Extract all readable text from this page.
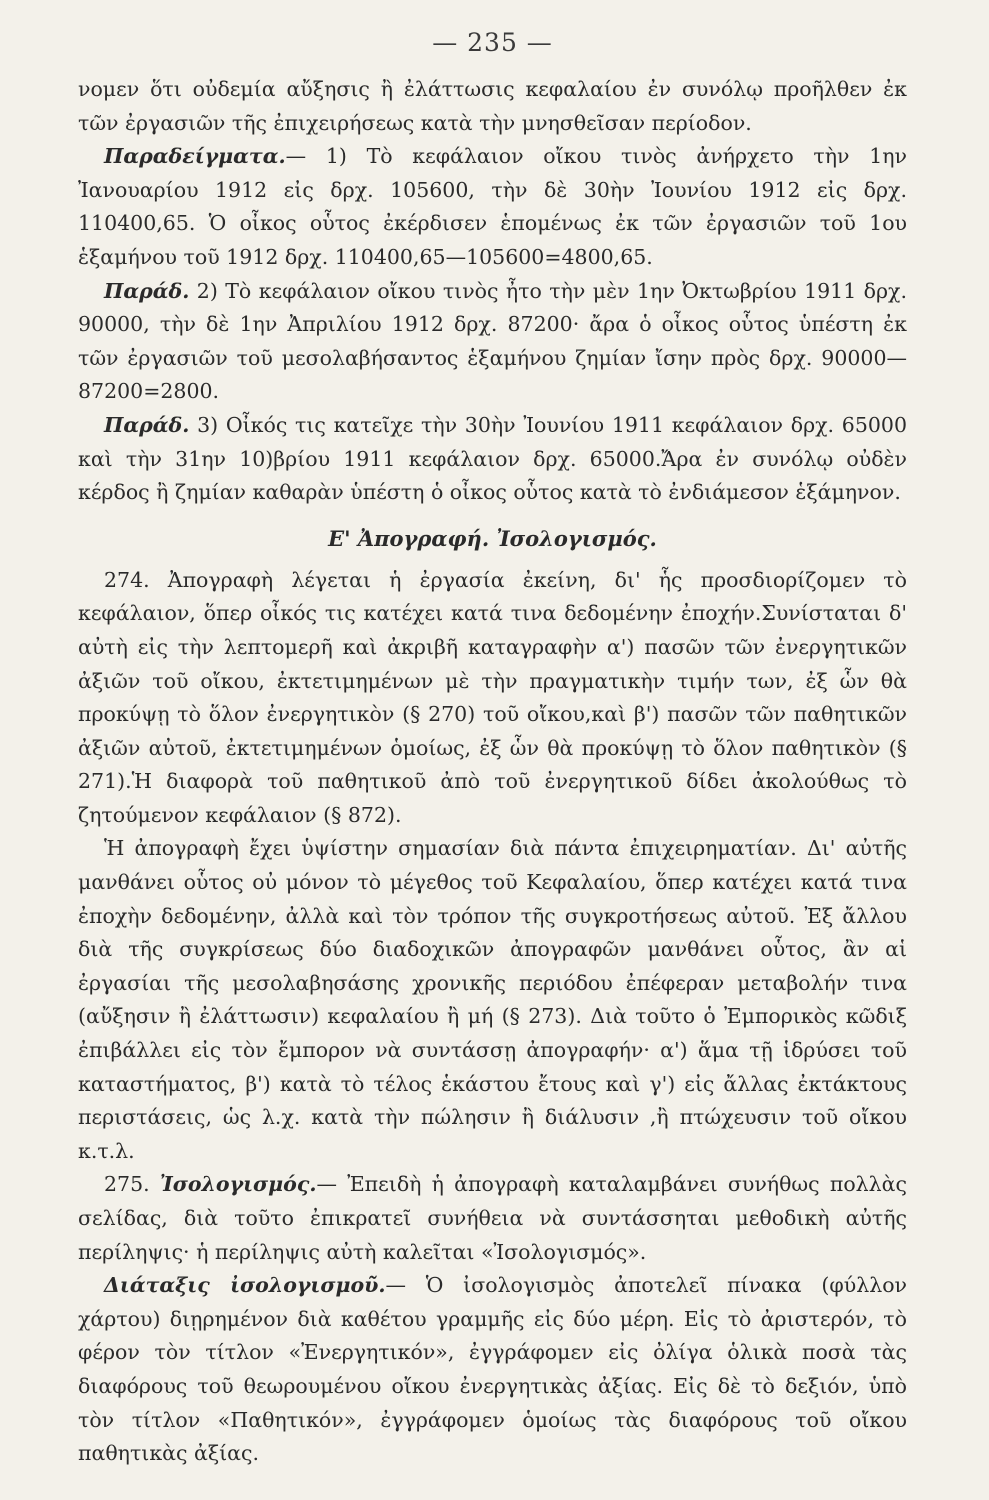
— 235 —

νομεν ὅτι οὐδεμία αὔξησις ἢ ἐλάττωσις κεφαλαίου ἐν συνόλῳ προῆλθεν ἐκ τῶν ἐργασιῶν τῆς ἐπιχειρήσεως κατὰ τὴν μνησθεῖσαν περίοδον.

Παραδείγματα.— 1) Τὸ κεφάλαιον οἴκου τινὸς ἀνήρχετο τὴν 1ην Ἰανουαρίου 1912 εἰς δρχ. 105600, τὴν δὲ 30ὴν Ἰουνίου 1912 εἰς δρχ. 110400,65. Ὁ οἶκος οὗτος ἐκέρδισεν ἑπομένως ἐκ τῶν ἐργασιῶν τοῦ 1ου ἑξαμήνου τοῦ 1912 δρχ. 110400,65—105600=4800,65.

Παράδ. 2) Τὸ κεφάλαιον οἴκου τινὸς ἦτο τὴν μὲν 1ην Ὀκτωβρίου 1911 δρχ. 90000, τὴν δὲ 1ην Ἀπριλίου 1912 δρχ. 87200· ἄρα ὁ οἶκος οὗτος ὑπέστη ἐκ τῶν ἐργασιῶν τοῦ μεσολαβήσαντος ἑξαμήνου ζημίαν ἴσην πρὸς δρχ. 90000—87200=2800.

Παράδ. 3) Οἶκός τις κατεῖχε τὴν 30ὴν Ἰουνίου 1911 κεφάλαιον δρχ. 65000 καὶ τὴν 31ην 10)βρίου 1911 κεφάλαιον δρχ. 65000.Ἄρα ἐν συνόλῳ οὐδὲν κέρδος ἢ ζημίαν καθαρὰν ὑπέστη ὁ οἶκος οὗτος κατὰ τὸ ἐνδιάμεσον ἑξάμηνον.

Ε' Ἀπογραφή. Ἰσολογισμός.

274. Ἀπογραφὴ λέγεται ἡ ἐργασία ἐκείνη, δι' ἧς προσδιορίζομεν τὸ κεφάλαιον, ὅπερ οἶκός τις κατέχει κατά τινα δεδομένην ἐποχήν.Συνίσταται δ' αὐτὴ εἰς τὴν λεπτομερῆ καὶ ἀκριβῆ καταγραφὴν α') πασῶν τῶν ἐνεργητικῶν ἀξιῶν τοῦ οἴκου, ἐκτετιμημένων μὲ τὴν πραγματικὴν τιμήν των, ἐξ ὧν θὰ προκύψῃ τὸ ὅλον ἐνεργητικὸν (§ 270) τοῦ οἴκου,καὶ β') πασῶν τῶν παθητικῶν ἀξιῶν αὐτοῦ, ἐκτετιμημένων ὁμοίως, ἐξ ὧν θὰ προκύψῃ τὸ ὅλον παθητικὸν (§ 271).Ἡ διαφορὰ τοῦ παθητικοῦ ἀπὸ τοῦ ἐνεργητικοῦ δίδει ἀκολούθως τὸ ζητούμενον κεφάλαιον (§ 872).

Ἡ ἀπογραφὴ ἔχει ὑψίστην σημασίαν διὰ πάντα ἐπιχειρηματίαν. Δι' αὐτῆς μανθάνει οὗτος οὐ μόνον τὸ μέγεθος τοῦ Κεφαλαίου, ὅπερ κατέχει κατά τινα ἐποχὴν δεδομένην, ἀλλὰ καὶ τὸν τρόπον τῆς συγκροτήσεως αὐτοῦ. Ἐξ ἄλλου διὰ τῆς συγκρίσεως δύο διαδοχικῶν ἀπογραφῶν μανθάνει οὗτος, ἂν αἱ ἐργασίαι τῆς μεσολαβησάσης χρονικῆς περιόδου ἐπέφεραν μεταβολήν τινα (αὔξησιν ἢ ἐλάττωσιν) κεφαλαίου ἢ μή (§ 273). Διὰ τοῦτο ὁ Ἐμπορικὸς κῶδιξ ἐπιβάλλει εἰς τὸν ἔμπορον νὰ συντάσσῃ ἀπογραφήν· α') ἅμα τῇ ἱδρύσει τοῦ καταστήματος, β') κατὰ τὸ τέλος ἑκάστου ἔτους καὶ γ') εἰς ἄλλας ἐκτάκτους περιστάσεις, ὡς λ.χ. κατὰ τὴν πώλησιν ἢ διάλυσιν ,ἢ πτώχευσιν τοῦ οἴκου κ.τ.λ.

275. Ἰσολογισμός.— Ἐπειδὴ ἡ ἀπογραφὴ καταλαμβάνει συνήθως πολλὰς σελίδας, διὰ τοῦτο ἐπικρατεῖ συνήθεια νὰ συντάσσηται μεθοδικὴ αὐτῆς περίληψις· ἡ περίληψις αὐτὴ καλεῖται «Ἰσολογισμός».

Διάταξις ἰσολογισμοῦ.— Ὁ ἰσολογισμὸς ἀποτελεῖ πίνακα (φύλλον χάρτου) διῃρημένον διὰ καθέτου γραμμῆς εἰς δύο μέρη. Εἰς τὸ ἀριστερόν, τὸ φέρον τὸν τίτλον «Ἐνεργητικόν», ἐγγράφομεν εἰς ὀλίγα ὁλικὰ ποσὰ τὰς διαφόρους τοῦ θεωρουμένου οἴκου ἐνεργητικὰς ἀξίας. Εἰς δὲ τὸ δεξιόν, ὑπὸ τὸν τίτλον «Παθητικόν», ἐγγράφομεν ὁμοίως τὰς διαφόρους τοῦ οἴκου παθητικὰς ἀξίας.
